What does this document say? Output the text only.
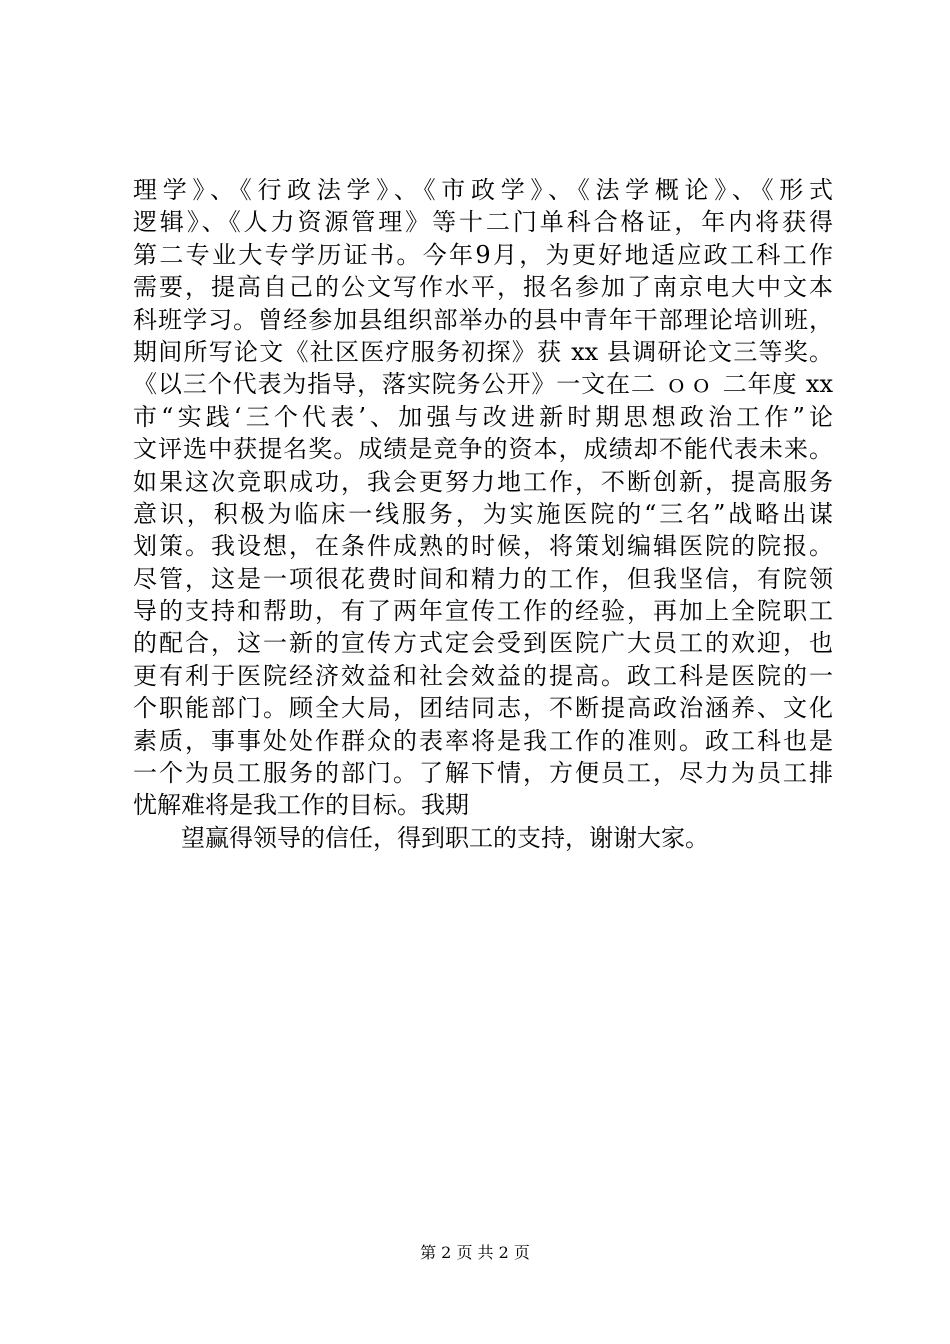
理学》、《行政法学》、《市政学》、《法学概论》、《形式
逻辑》、《人力资源管理》等十二门单科合格证，年内将获得
第二专业大专学历证书。今年9月，为更好地适应政工科工作
需要，提高自己的公文写作水平，报名参加了南京电大中文本
科班学习。曾经参加县组织部举办的县中青年干部理论培训班，
期间所写论文《社区医疗服务初探》获 xx 县调研论文三等奖。
《以三个代表为指导，落实院务公开》一文在二 ｏｏ 二年度 xx
市“实践‘三个代表’、加强与改进新时期思想政治工作”论
文评选中获提名奖。成绩是竞争的资本，成绩却不能代表未来。
如果这次竞职成功，我会更努力地工作，不断创新，提高服务
意识，积极为临床一线服务，为实施医院的“三名”战略出谋
划策。我设想，在条件成熟的时候，将策划编辑医院的院报。
尽管，这是一项很花费时间和精力的工作，但我坚信，有院领
导的支持和帮助，有了两年宣传工作的经验，再加上全院职工
的配合，这一新的宣传方式定会受到医院广大员工的欢迎，也
更有利于医院经济效益和社会效益的提高。政工科是医院的一
个职能部门。顾全大局，团结同志，不断提高政治涵养、文化
素质，事事处处作群众的表率将是我工作的准则。政工科也是
一个为员工服务的部门。了解下情，方便员工，尽力为员工排
忧解难将是我工作的目标。我期
望赢得领导的信任，得到职工的支持，谢谢大家。
第 2 页 共 2 页
